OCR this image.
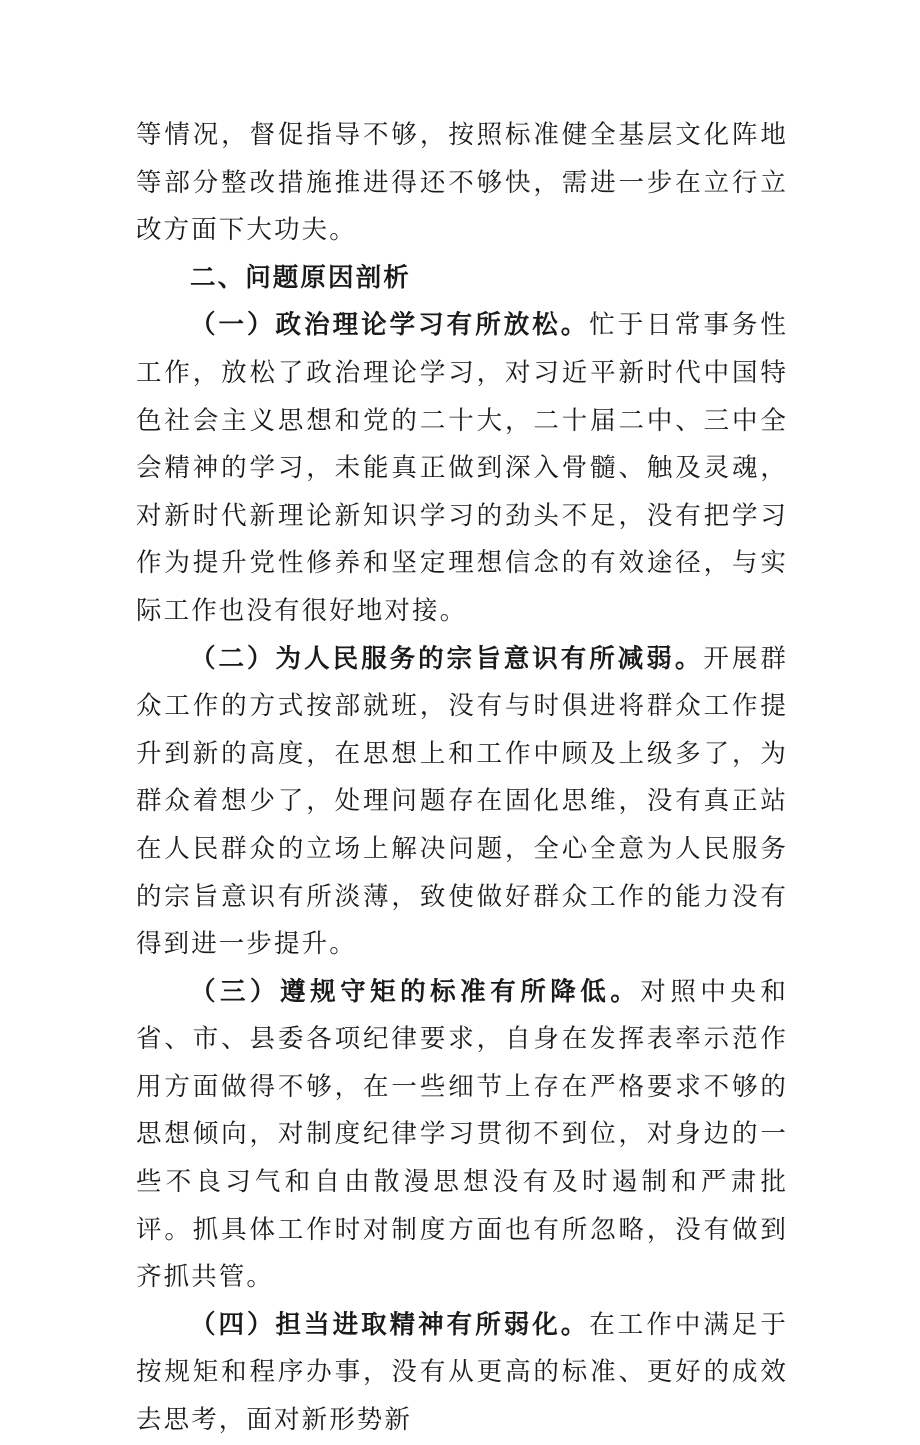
等情况，督促指导不够，按照标准健全基层文化阵地等部分整改措施推进得还不够快，需进一步在立行立改方面下大功夫。

二、问题原因剖析

（一）政治理论学习有所放松。忙于日常事务性工作，放松了政治理论学习，对习近平新时代中国特色社会主义思想和党的二十大，二十届二中、三中全会精神的学习，未能真正做到深入骨髓、触及灵魂，对新时代新理论新知识学习的劲头不足，没有把学习作为提升党性修养和坚定理想信念的有效途径，与实际工作也没有很好地对接。

（二）为人民服务的宗旨意识有所减弱。开展群众工作的方式按部就班，没有与时俱进将群众工作提升到新的高度，在思想上和工作中顾及上级多了，为群众着想少了，处理问题存在固化思维，没有真正站在人民群众的立场上解决问题，全心全意为人民服务的宗旨意识有所淡薄，致使做好群众工作的能力没有得到进一步提升。

（三）遵规守矩的标准有所降低。对照中央和省、市、县委各项纪律要求，自身在发挥表率示范作用方面做得不够，在一些细节上存在严格要求不够的思想倾向，对制度纪律学习贯彻不到位，对身边的一些不良习气和自由散漫思想没有及时遏制和严肃批评。抓具体工作时对制度方面也有所忽略，没有做到齐抓共管。

（四）担当进取精神有所弱化。在工作中满足于按规矩和程序办事，没有从更高的标准、更好的成效去思考，面对新形势新
